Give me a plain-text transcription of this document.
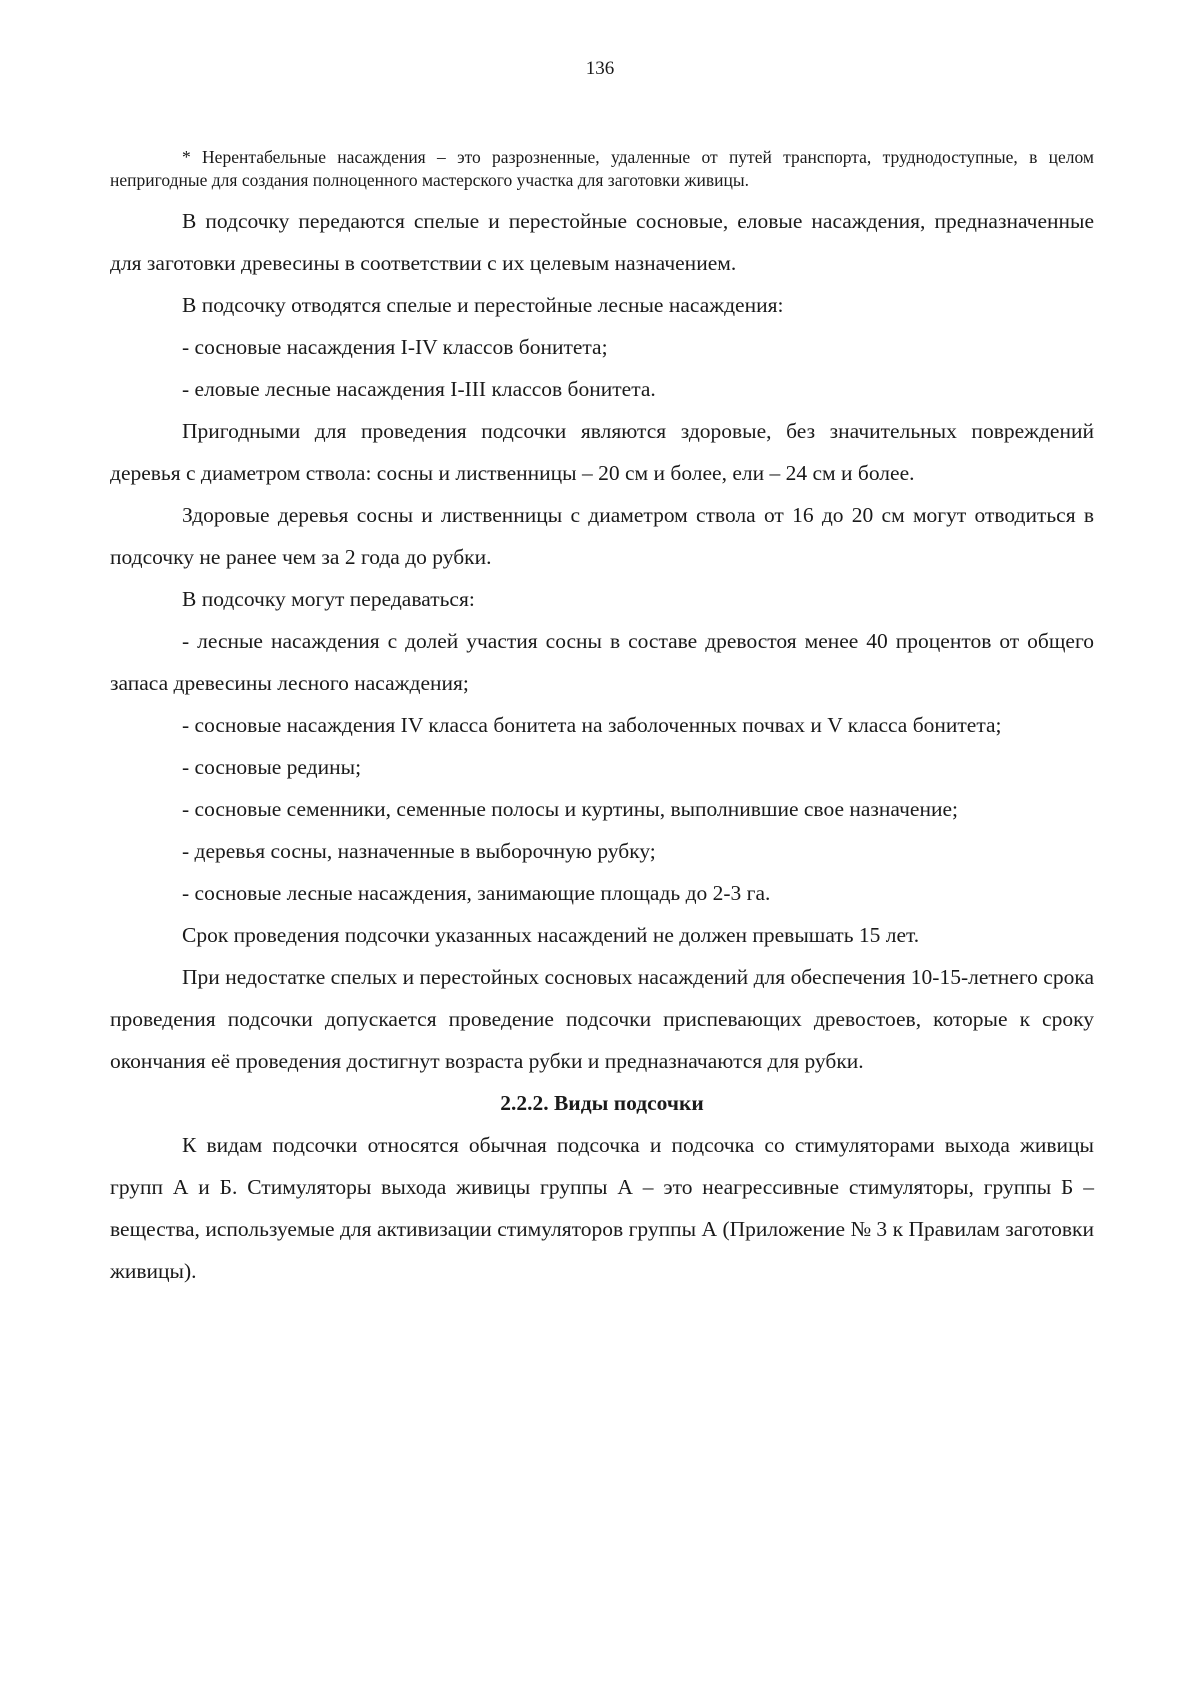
136

* Нерентабельные насаждения – это разрозненные, удаленные от путей транспорта, труднодоступные, в целом непригодные для создания полноценного мастерского участка для заготовки живицы.

В подсочку передаются спелые и перестойные сосновые, еловые насаждения, предназначенные для заготовки древесины в соответствии с их целевым назначением.

В подсочку отводятся спелые и перестойные лесные насаждения:

- сосновые насаждения I-IV классов бонитета;

- еловые лесные насаждения I-III классов бонитета.

Пригодными для проведения подсочки являются здоровые, без значительных повреждений деревья с диаметром ствола: сосны и лиственницы – 20 см и более, ели – 24 см и более.

Здоровые деревья сосны и лиственницы с диаметром ствола от 16 до 20 см могут отводиться в подсочку не ранее чем за 2 года до рубки.

В подсочку могут передаваться:

- лесные насаждения с долей участия сосны в составе древостоя менее 40 процентов от общего запаса древесины лесного насаждения;

- сосновые насаждения IV класса бонитета на заболоченных почвах и V класса бонитета;

- сосновые редины;

- сосновые семенники, семенные полосы и куртины, выполнившие свое назначение;

- деревья сосны, назначенные в выборочную рубку;

- сосновые лесные насаждения, занимающие площадь до 2-3 га.

Срок проведения подсочки указанных насаждений не должен превышать 15 лет.

При недостатке спелых и перестойных сосновых насаждений для обеспечения 10-15-летнего срока проведения подсочки допускается проведение подсочки приспевающих древостоев, которые к сроку окончания её проведения достигнут возраста рубки и предназначаются для рубки.

2.2.2. Виды подсочки

К видам подсочки относятся обычная подсочка и подсочка со стимуляторами выхода живицы групп А и Б. Стимуляторы выхода живицы группы А – это неагрессивные стимуляторы, группы Б – вещества, используемые для активизации стимуляторов группы А (Приложение № 3 к Правилам заготовки живицы).
